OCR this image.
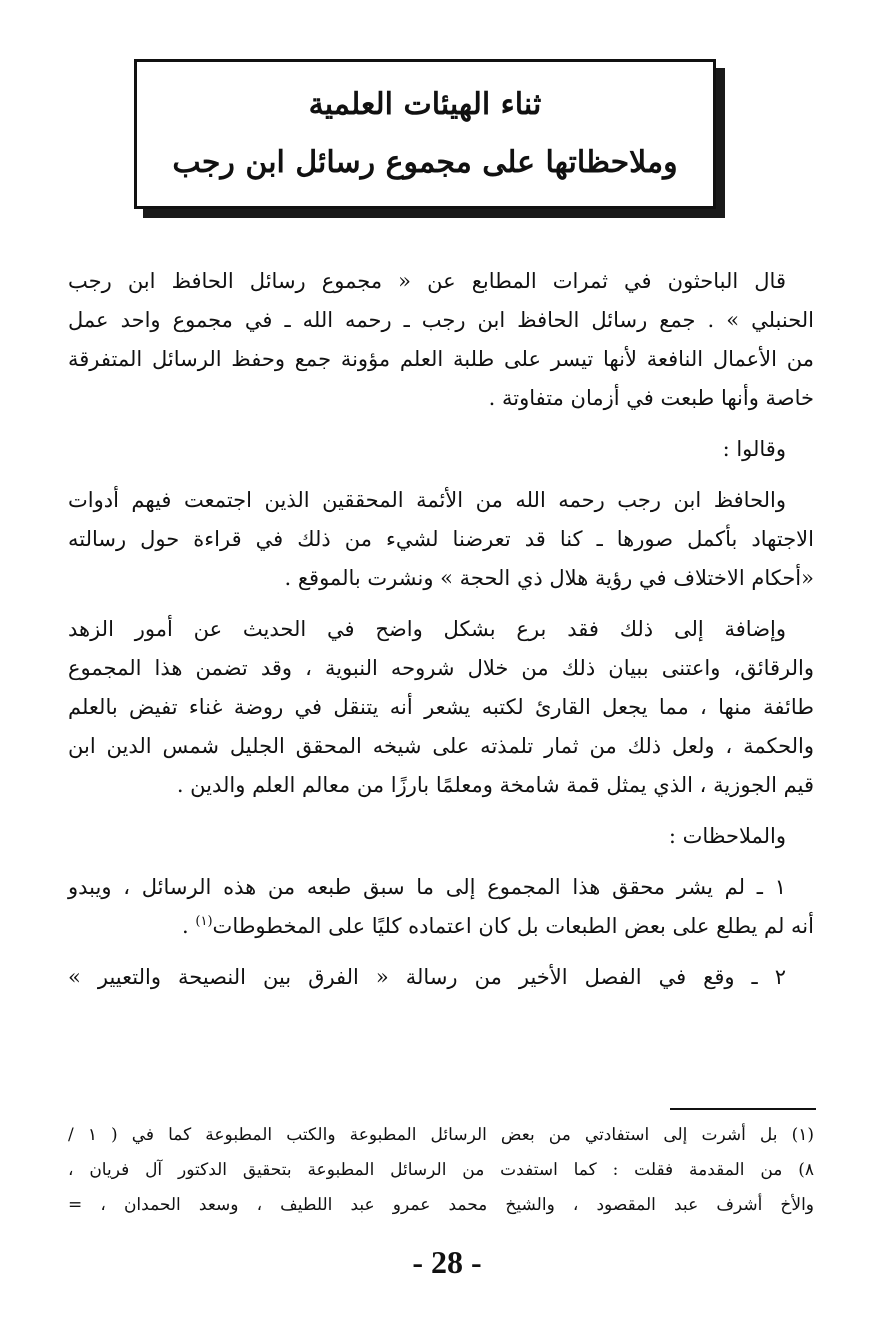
ثناء الهيئات العلمية
وملاحظاتها على مجموع رسائل ابن رجب

قال الباحثون في ثمرات المطابع عن « مجموع رسائل الحافظ ابن رجب
الحنبلي » . جمع رسائل الحافظ ابن رجب ـ رحمه الله ـ في مجموع واحد عمل
من الأعمال النافعة لأنها تيسر على طلبة العلم مؤونة جمع وحفظ الرسائل المتفرقة
خاصة وأنها طبعت في أزمان متفاوتة .

وقالوا :

والحافظ ابن رجب رحمه الله من الأئمة المحققين الذين اجتمعت فيهم أدوات
الاجتهاد بأكمل صورها ـ كنا قد تعرضنا لشيء من ذلك في قراءة حول رسالته
«أحكام الاختلاف في رؤية هلال ذي الحجة » ونشرت بالموقع .

وإضافة إلى ذلك فقد برع بشكل واضح في الحديث عن أمور الزهد
والرقائق، واعتنى ببيان ذلك من خلال شروحه النبوية ، وقد تضمن هذا المجموع
طائفة منها ، مما يجعل القارئ لكتبه يشعر أنه يتنقل في روضة غناء تفيض بالعلم
والحكمة ، ولعل ذلك من ثمار تلمذته على شيخه المحقق الجليل شمس الدين ابن
قيم الجوزية ، الذي يمثل قمة شامخة ومعلمًا بارزًا من معالم العلم والدين .

والملاحظات :

١ ـ لم يشر محقق هذا المجموع إلى ما سبق طبعه من هذه الرسائل ، ويبدو
أنه لم يطلع على بعض الطبعات بل كان اعتماده كليًا على المخطوطات$^{(١)}$ .

٢ ـ وقع في الفصل الأخير من رسالة « الفرق بين النصيحة والتعيير »

(١) بل أشرت إلى استفادتي من بعض الرسائل المطبوعة والكتب المطبوعة كما في ( ١ /
٨) من المقدمة فقلت : كما استفدت من الرسائل المطبوعة بتحقيق الدكتور آل فريان ،
والأخ أشرف عبد المقصود ، والشيخ محمد عمرو عبد اللطيف ، وسعد الحمدان ، =
- 28 -
